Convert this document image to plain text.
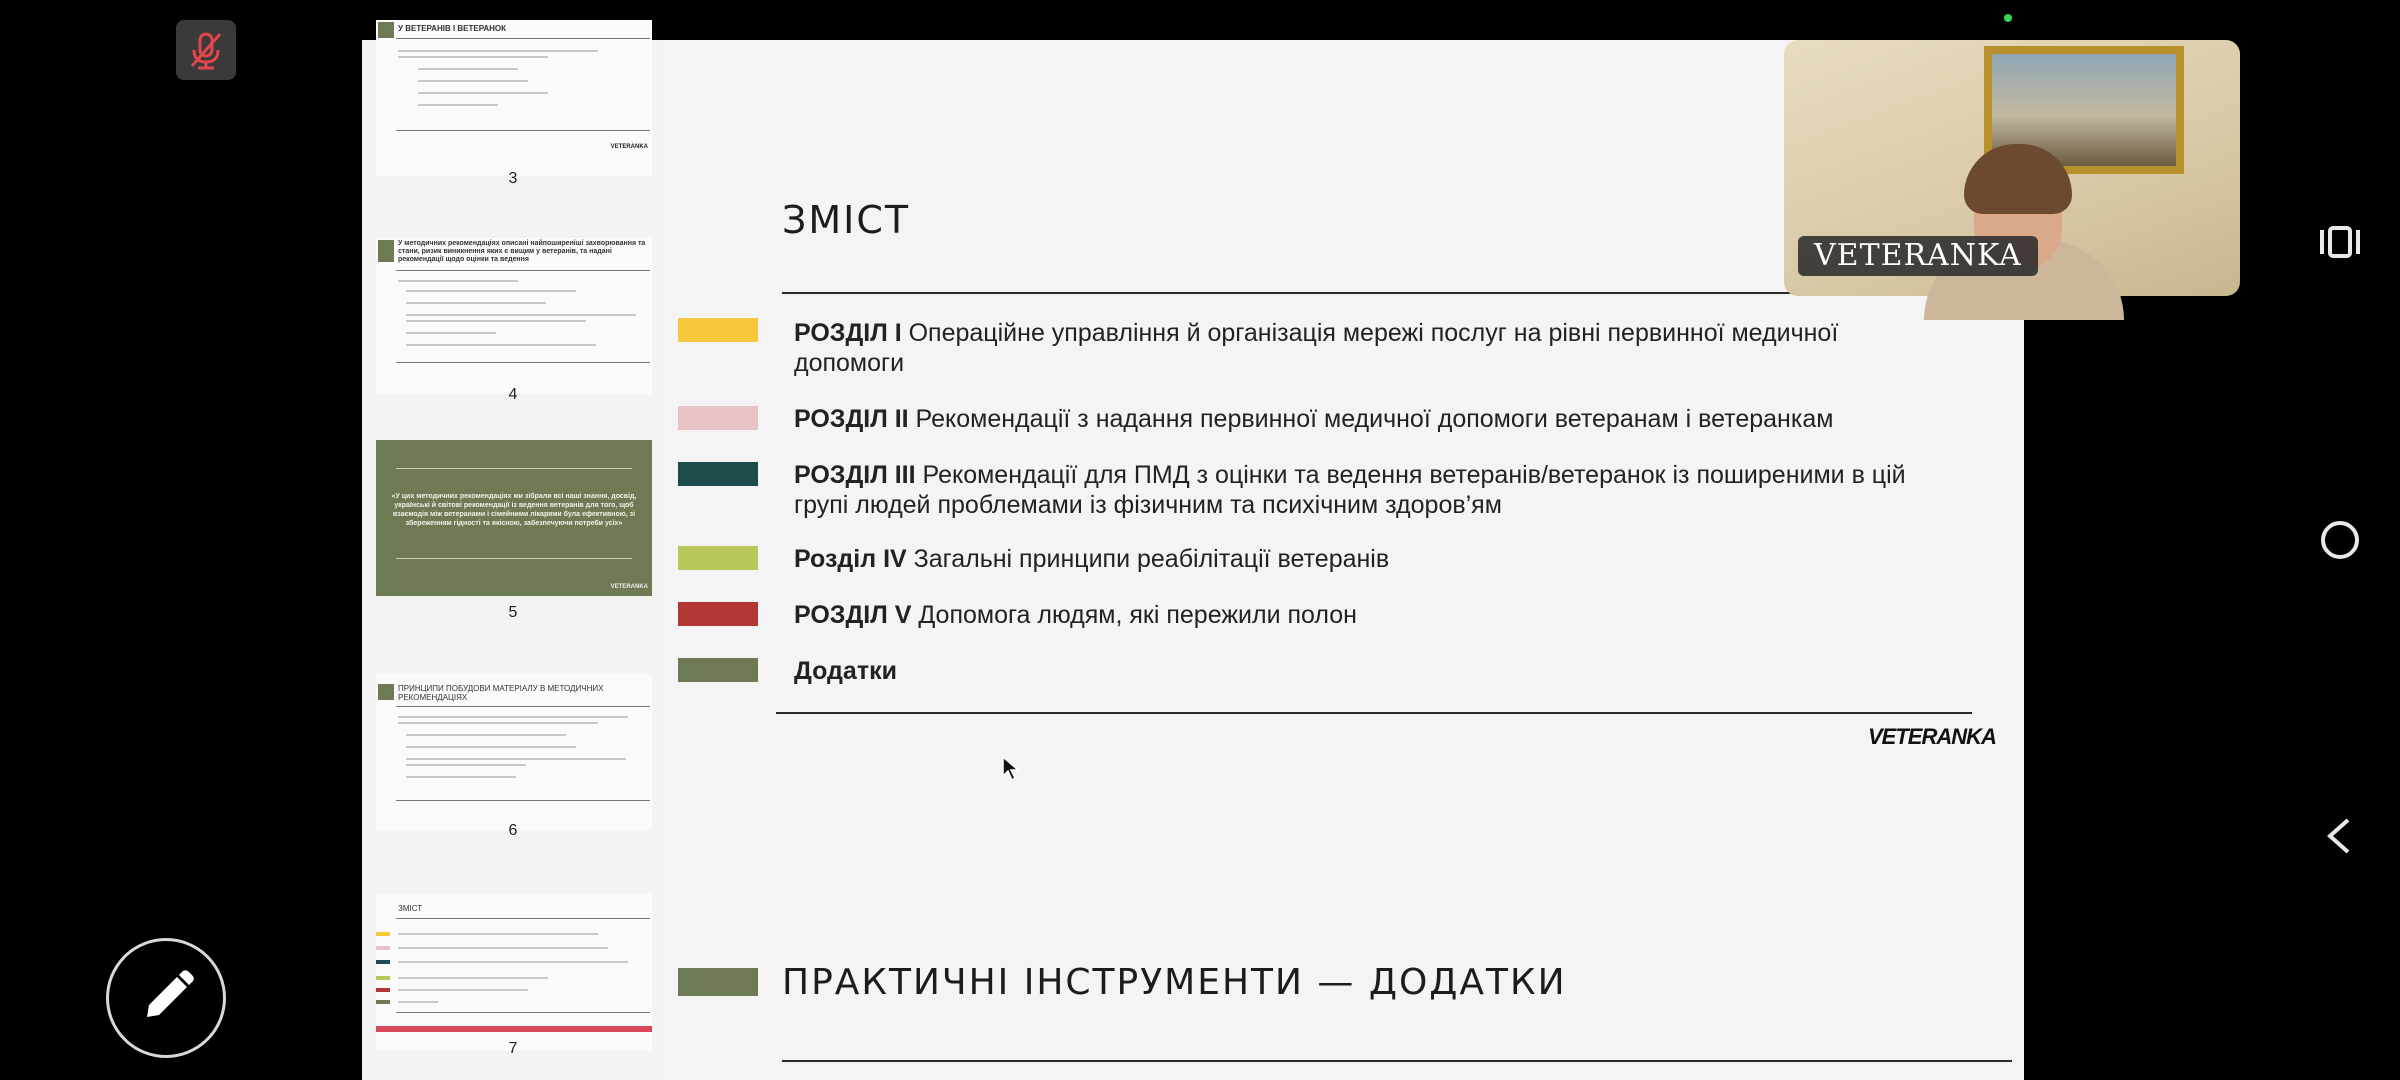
У ВЕТЕРАНІВ І ВЕТЕРАНОК
VETERANKA
3
У методичних рекомендаціях описані найпоширеніші захворювання та стани, ризик виникнення яких є вищим у ветеранів, та надані рекомендації щодо оцінки та ведення
4
«У цих методичних рекомендаціях ми зібрали всі наші знання, досвід, українські й світові рекомендації із ведення ветеранів для того, щоб взаємодія між ветеранами і сімейними лікарями була ефективною, зі збереженням гідності та якісною, забезпечуючи потреби усіх»
VETERANKA
5
ПРИНЦИПИ ПОБУДОВИ МАТЕРІАЛУ В МЕТОДИЧНИХ РЕКОМЕНДАЦІЯХ
6
ЗМІСТ
7
ЗМІСТ
РОЗДІЛ I Операційне управління й організація мережі послуг на рівні первинної медичної допомоги
РОЗДІЛ II Рекомендації з надання первинної медичної допомоги ветеранам і ветеранкам
РОЗДІЛ III Рекомендації для ПМД з оцінки та ведення ветеранів/ветеранок із поширеними в цій групі людей проблемами із фізичним та психічним здоров’ям
Розділ IV Загальні принципи реабілітації ветеранів
РОЗДІЛ V Допомога людям, які пережили полон
Додатки
VETERANKA
ПРАКТИЧНІ ІНСТРУМЕНТИ — ДОДАТКИ
VETERANKA
